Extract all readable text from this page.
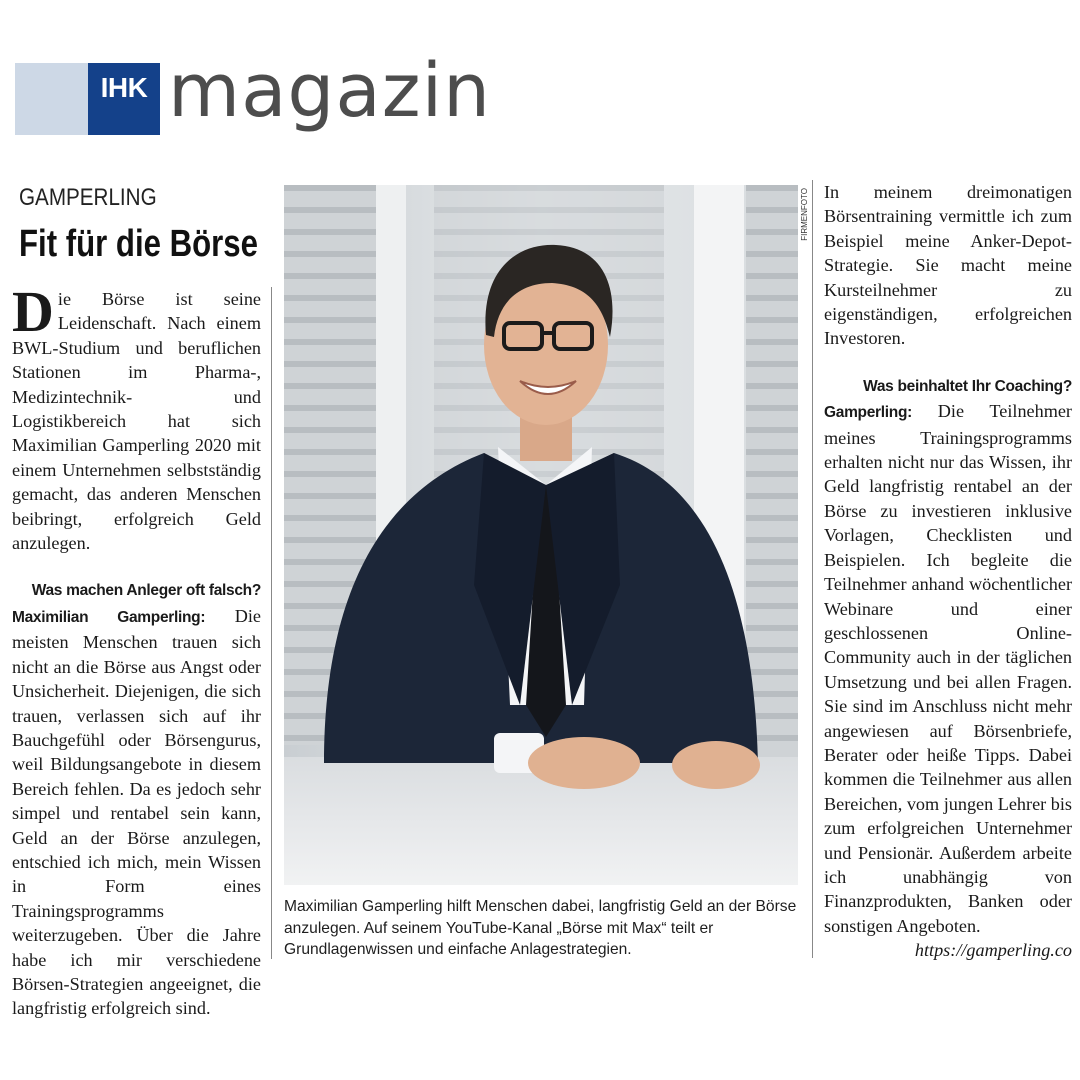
IHK magazin
GAMPERLING
Fit für die Börse

Die Börse ist seine Leidenschaft. Nach einem BWL-Studium und beruflichen Stationen im Pharma-, Medizintechnik- und Logistikbereich hat sich Maximilian Gamperling 2020 mit einem Unternehmen selbstständig gemacht, das anderen Menschen beibringt, erfolgreich Geld anzulegen.

Was machen Anleger oft falsch?

Maximilian Gamperling: Die meisten Menschen trauen sich nicht an die Börse aus Angst oder Unsicherheit. Diejenigen, die sich trauen, verlassen sich auf ihr Bauchgefühl oder Börsengurus, weil Bildungsangebote in diesem Bereich fehlen. Da es jedoch sehr simpel und rentabel sein kann, Geld an der Börse anzulegen, entschied ich mich, mein Wissen in Form eines Trainingsprogramms weiterzugeben. Über die Jahre habe ich mir verschiedene Börsen-Strategien angeeignet, die langfristig erfolgreich sind.

FIRMENFOTO

Maximilian Gamperling hilft Menschen dabei, langfristig Geld an der Börse anzulegen. Auf seinem YouTube-Kanal „Börse mit Max“ teilt er Grundlagenwissen und einfache Anlagestrategien.

In meinem dreimonatigen Börsentraining vermittle ich zum Beispiel meine Anker-Depot-Strategie. Sie macht meine Kursteilnehmer zu eigenständigen, erfolgreichen Investoren.

Was beinhaltet Ihr Coaching?

Gamperling: Die Teilnehmer meines Trainingsprogramms erhalten nicht nur das Wissen, ihr Geld langfristig rentabel an der Börse zu investieren inklusive Vorlagen, Checklisten und Beispielen. Ich begleite die Teilnehmer anhand wöchentlicher Webinare und einer geschlossenen Online-Community auch in der täglichen Umsetzung und bei allen Fragen. Sie sind im Anschluss nicht mehr angewiesen auf Börsenbriefe, Berater oder heiße Tipps. Dabei kommen die Teilnehmer aus allen Bereichen, vom jungen Lehrer bis zum erfolgreichen Unternehmer und Pensionär. Außerdem arbeite ich unabhängig von Finanzprodukten, Banken oder sonstigen Angeboten.

https://gamperling.co
